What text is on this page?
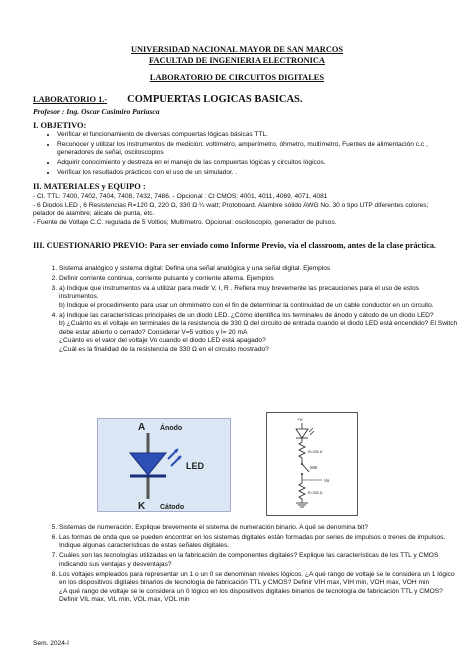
UNIVERSIDAD NACIONAL MAYOR DE SAN MARCOS
FACULTAD DE INGENIERIA ELECTRONICA
LABORATORIO DE CIRCUITOS DIGITALES
LABORATORIO 1.- COMPUERTAS LOGICAS BASICAS.
Profesor : Ing. Oscar Casimiro Pariasca
I. OBJETIVO:
• Verificar el funcionamiento de diversas compuertas lógicas básicas TTL.
• Reconocer y utilizar los instrumentos de medición: voltímetro, amperímetro, óhmetro, multímetro, Fuentes de alimentación c.c , generadores de señal, osciloscopios
• Adquirir conocimiento y destreza en el manejo de las compuertas lógicas y circuitos lógicos.
• Verificar los resultados prácticos con el uso de un simulador. .
II. MATERIALES y EQUIPO :
- CI. TTL: 7400, 7402, 7404, 7408, 7432, 7486. - Opcional : CI CMOS: 4001, 4011, 4069, 4071, 4081
- 6 Diodos LED , 6 Resistencias R=120 Ω, 220 Ω, 330 Ω ¼ watt; Protoboard. Alambre sólido AWG No. 30 o tipo UTP diferentes colores; pelador de alambre; alicate de punta, etc.
- Fuente de Voltaje C.C. regulada de 5 Voltios; Multímetro. Opcional: osciloscopio, generador de pulsos.
III. CUESTIONARIO PREVIO: Para ser enviado como Informe Previo, vía el classroom, antes de la clase práctica.
1. Sistema analógico y sistema digital: Defina una señal analógica y una señal digital. Ejemplos
2. Definir corriente continua, corriente pulsante y corriente alterna. Ejemplos
3. a) Indique que instrumentos va a utilizar para medir V, I, R . Refiera muy brevemente las precauciones para el uso de estos instrumentos.
b) Indique el procedimiento para usar un ohmímetro con el fin de determinar la continuidad de un cable conductor en un circuito.
4. a) Indique las características principales de un diodo LED. ¿Cómo identifica los terminales de ánodo y cátodo de un diodo LED?
b) ¿Cuánto es el voltaje en terminales de la resistencia de 330 Ω del circuito de entrada cuando el diodo LED está encendido? El Switch debe estar abierto o cerrado? Considerar V=5 voltios y I= 20 mA
¿Cuánto es el valor del voltaje Vo cuando el diodo LED está apagado?
¿Cuál es la finalidad de la resistencia de 330 Ω en el circuito mostrado?
A Ánodo
LED
K Cátodo
+V
R=330 Ω
SW
Vo
R=330 Ω
5. Sistemas de numeración. Explique brevemente el sistema de numeración binario. A qué se denomina bit?
6. Las formas de onda que se pueden encontrar en los sistemas digitales están formadas por series de impulsos o trenes de impulsos. Indique algunas características de estas señales digitales.
7. Cuáles son las tecnologías utilizadas en la fabricación de componentes digitales? Explique las características de los TTL y CMOS indicando sus ventajas y desventajas?
8. Los voltajes empleados para representar un 1 o un 0 se denominan niveles lógicos. ¿A qué rango de voltaje se le considera un 1 lógico en los dispositivos digitales binarios de tecnología de fabricación TTL y CMOS? Definir VIH max, VIH min, VOH max, VOH min
¿A qué rango de voltaje se le considera un 0 lógico en los dispositivos digitales binarios de tecnología de fabricación TTL y CMOS? Definir VIL max, VIL min, VOL max, VOL min
Sem. 2024-I
